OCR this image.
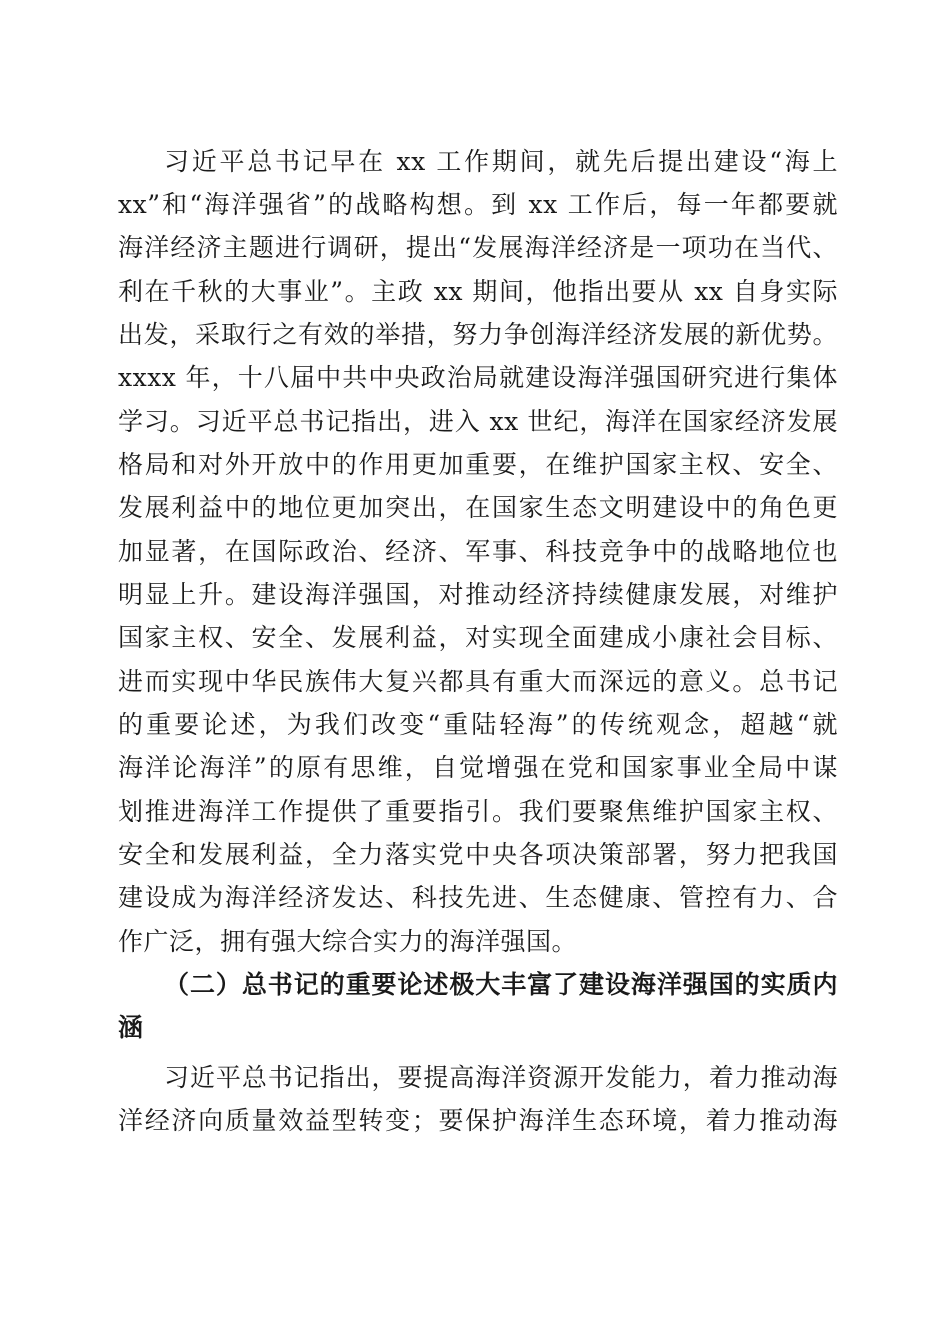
习近平总书记早在 xx 工作期间，就先后提出建设“海上
xx”和“海洋强省”的战略构想。到 xx 工作后，每一年都要就
海洋经济主题进行调研，提出“发展海洋经济是一项功在当代、
利在千秋的大事业”。主政 xx 期间，他指出要从 xx 自身实际
出发，采取行之有效的举措，努力争创海洋经济发展的新优势。
xxxx 年，十八届中共中央政治局就建设海洋强国研究进行集体
学习。习近平总书记指出，进入 xx 世纪，海洋在国家经济发展
格局和对外开放中的作用更加重要，在维护国家主权、安全、
发展利益中的地位更加突出，在国家生态文明建设中的角色更
加显著，在国际政治、经济、军事、科技竞争中的战略地位也
明显上升。建设海洋强国，对推动经济持续健康发展，对维护
国家主权、安全、发展利益，对实现全面建成小康社会目标、
进而实现中华民族伟大复兴都具有重大而深远的意义。总书记
的重要论述，为我们改变“重陆轻海”的传统观念，超越“就
海洋论海洋”的原有思维，自觉增强在党和国家事业全局中谋
划推进海洋工作提供了重要指引。我们要聚焦维护国家主权、
安全和发展利益，全力落实党中央各项决策部署，努力把我国
建设成为海洋经济发达、科技先进、生态健康、管控有力、合
作广泛，拥有强大综合实力的海洋强国。
（二）总书记的重要论述极大丰富了建设海洋强国的实质内
涵
习近平总书记指出，要提高海洋资源开发能力，着力推动海
洋经济向质量效益型转变；要保护海洋生态环境，着力推动海
